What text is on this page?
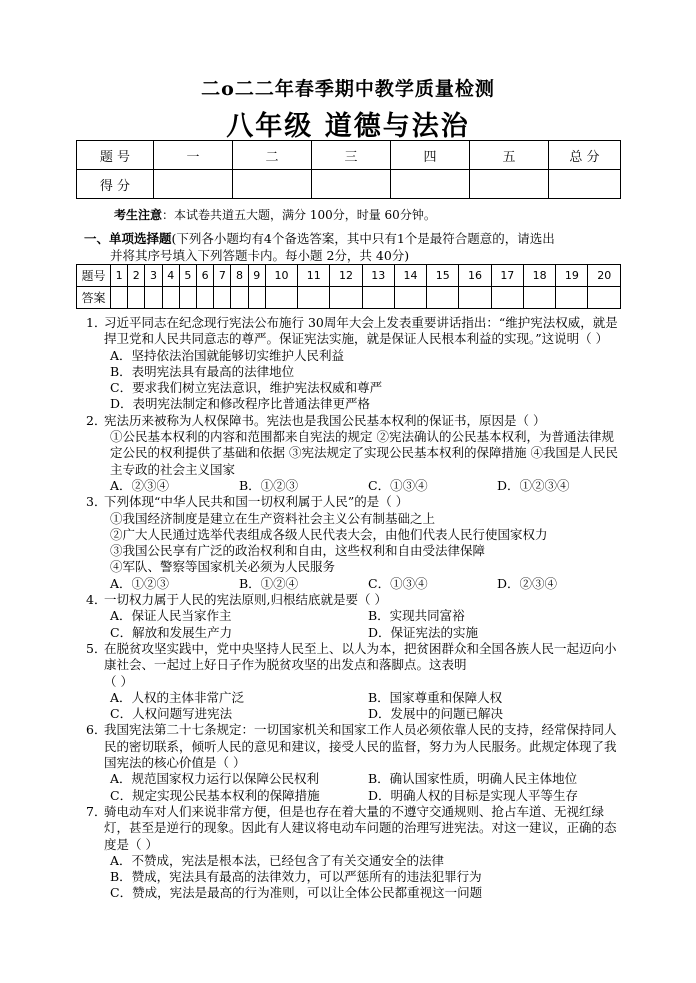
二o二二年春季期中教学质量检测
八年级 道德与法治
题 号	一	二	三	四	五	总 分
得 分						
考生注意：本试卷共道五大题，满分 100分，时量 60分钟。
一、单项选择题(下列各小题均有4个备选答案，其中只有1个是最符合题意的，请选出
并将其序号填入下列答题卡内。每小题 2分，共 40分)
题号	1	2	3	4	5	6	7	8	9	10	11	12	13	14	15	16	17	18	19	20
答案																				
1．习近平同志在纪念现行宪法公布施行 30周年大会上发表重要讲话指出：“维护宪法权威，就是捍卫党和人民共同意志的尊严。保证宪法实施，就是保证人民根本利益的实现。”这说明（ ）
A．坚持依法治国就能够切实维护人民利益
B．表明宪法具有最高的法律地位
C．要求我们树立宪法意识，维护宪法权威和尊严
D．表明宪法制定和修改程序比普通法律更严格
2．宪法历来被称为人权保障书。宪法也是我国公民基本权利的保证书，原因是（ ）
①公民基本权利的内容和范围都来自宪法的规定 ②宪法确认的公民基本权利，为普通法律规定公民的权利提供了基础和依据 ③宪法规定了实现公民基本权利的保障措施 ④我国是人民民主专政的社会主义国家
A．②③④	B．①②③	C．①③④	D．①②③④
3．下列体现“中华人民共和国一切权利属于人民”的是（ ）
①我国经济制度是建立在生产资料社会主义公有制基础之上
②广大人民通过选举代表组成各级人民代表大会，由他们代表人民行使国家权力
③我国公民享有广泛的政治权利和自由，这些权利和自由受法律保障
④军队、警察等国家机关必须为人民服务
A．①②③	B．①②④	C．①③④	D．②③④
4．一切权力属于人民的宪法原则,归根结底就是要（ ）
A．保证人民当家作主	B．实现共同富裕
C．解放和发展生产力	D．保证宪法的实施
5．在脱贫攻坚实践中，党中央坚持人民至上、以人为本，把贫困群众和全国各族人民一起迈向小康社会、一起过上好日子作为脱贫攻坚的出发点和落脚点。这表明
（ ）
A．人权的主体非常广泛	B．国家尊重和保障人权
C．人权问题写进宪法	D．发展中的问题已解决
6．我国宪法第二十七条规定：一切国家机关和国家工作人员必须依靠人民的支持，经常保持同人民的密切联系，倾听人民的意见和建议，接受人民的监督，努力为人民服务。此规定体现了我国宪法的核心价值是（ ）
A．规范国家权力运行以保障公民权利	B．确认国家性质，明确人民主体地位
C．规定实现公民基本权利的保障措施	D．明确人权的目标是实现人平等生存
7．骑电动车对人们来说非常方便，但是也存在着大量的不遵守交通规则、抢占车道、无视红绿灯，甚至是逆行的现象。因此有人建议将电动车问题的治理写进宪法。对这一建议，正确的态度是（ ）
A．不赞成，宪法是根本法，已经包含了有关交通安全的法律
B．赞成，宪法具有最高的法律效力，可以严惩所有的违法犯罪行为
C．赞成，宪法是最高的行为准则，可以让全体公民都重视这一问题
